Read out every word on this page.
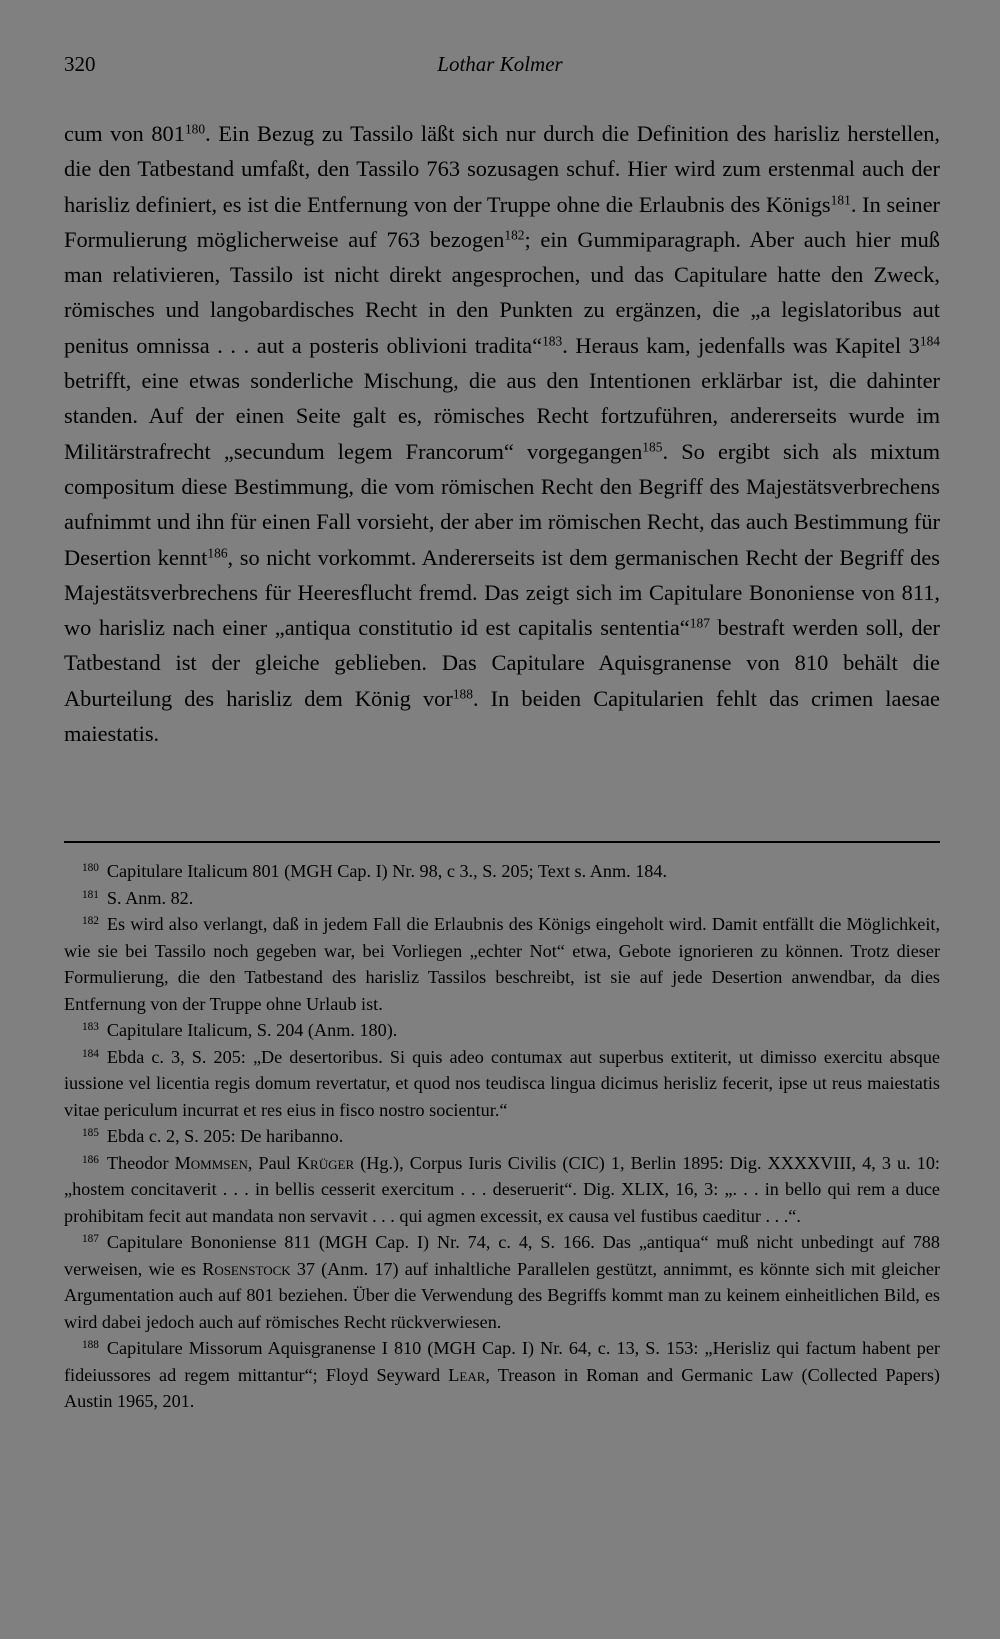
320	Lothar Kolmer

cum von $801^{180}$. Ein Bezug zu Tassilo läßt sich nur durch die Definition des harisliz herstellen, die den Tatbestand umfaßt, den Tassilo 763 sozusagen schuf. Hier wird zum erstenmal auch der harisliz definiert, es ist die Entfernung von der Truppe ohne die Erlaubnis des Königs$^{181}$. In seiner Formulierung möglicherweise auf 763 bezogen$^{182}$; ein Gummiparagraph. Aber auch hier muß man relativieren, Tassilo ist nicht direkt angesprochen, und das Capitulare hatte den Zweck, römisches und langobardisches Recht in den Punkten zu ergänzen, die „a legislatoribus aut penitus omnissa . . . aut a posteris oblivioni tradita“$^{183}$. Heraus kam, jedenfalls was Kapitel $3^{184}$ betrifft, eine etwas sonderliche Mischung, die aus den Intentionen erklärbar ist, die dahinter standen. Auf der einen Seite galt es, römisches Recht fortzuführen, andererseits wurde im Militärstrafrecht „secundum legem Francorum“ vorgegangen$^{185}$. So ergibt sich als mixtum compositum diese Bestimmung, die vom römischen Recht den Begriff des Majestätsverbrechens aufnimmt und ihn für einen Fall vorsieht, der aber im römischen Recht, das auch Bestimmung für Desertion kennt$^{186}$, so nicht vorkommt. Andererseits ist dem germanischen Recht der Begriff des Majestätsverbrechens für Heeresflucht fremd. Das zeigt sich im Capitulare Bononiense von 811, wo harisliz nach einer „antiqua constitutio id est capitalis sententia“$^{187}$ bestraft werden soll, der Tatbestand ist der gleiche geblieben. Das Capitulare Aquisgranense von 810 behält die Aburteilung des harisliz dem König vor$^{188}$. In beiden Capitularien fehlt das crimen laesae maiestatis.

$^{180}$ Capitulare Italicum 801 (MGH Cap. I) Nr. 98, c 3., S. 205; Text s. Anm. 184.

$^{181}$ S. Anm. 82.

$^{182}$ Es wird also verlangt, daß in jedem Fall die Erlaubnis des Königs eingeholt wird. Damit entfällt die Möglichkeit, wie sie bei Tassilo noch gegeben war, bei Vorliegen „echter Not“ etwa, Gebote ignorieren zu können. Trotz dieser Formulierung, die den Tatbestand des harisliz Tassilos beschreibt, ist sie auf jede Desertion anwendbar, da dies Entfernung von der Truppe ohne Urlaub ist.

$^{183}$ Capitulare Italicum, S. 204 (Anm. 180).

$^{184}$ Ebda c. 3, S. 205: „De desertoribus. Si quis adeo contumax aut superbus extiterit, ut dimisso exercitu absque iussione vel licentia regis domum revertatur, et quod nos teudisca lingua dicimus herisliz fecerit, ipse ut reus maiestatis vitae periculum incurrat et res eius in fisco nostro socientur.“

$^{185}$ Ebda c. 2, S. 205: De haribanno.

$^{186}$ Theodor Mommsen, Paul Krüger (Hg.), Corpus Iuris Civilis (CIC) 1, Berlin 1895: Dig. XXXXVIII, 4, 3 u. 10: „hostem concitaverit . . . in bellis cesserit exercitum . . . deseruerit“. Dig. XLIX, 16, 3: „. . . in bello qui rem a duce prohibitam fecit aut mandata non servavit . . . qui agmen excessit, ex causa vel fustibus caeditur . . .“.

$^{187}$ Capitulare Bononiense 811 (MGH Cap. I) Nr. 74, c. 4, S. 166. Das „antiqua“ muß nicht unbedingt auf 788 verweisen, wie es Rosenstock 37 (Anm. 17) auf inhaltliche Parallelen gestützt, annimmt, es könnte sich mit gleicher Argumentation auch auf 801 beziehen. Über die Verwendung des Begriffs kommt man zu keinem einheitlichen Bild, es wird dabei jedoch auch auf römisches Recht rückverwiesen.

$^{188}$ Capitulare Missorum Aquisgranense I 810 (MGH Cap. I) Nr. 64, c. 13, S. 153: „Herisliz qui factum habent per fideiussores ad regem mittantur“; Floyd Seyward Lear, Treason in Roman and Germanic Law (Collected Papers) Austin 1965, 201.
